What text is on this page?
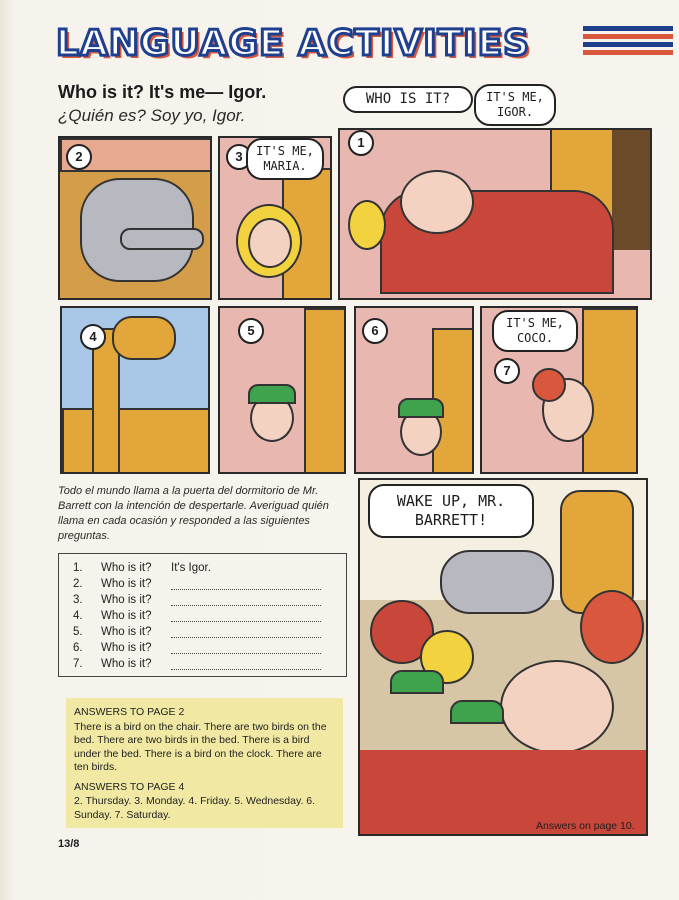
LANGUAGE ACTIVITIES
Who is it? It's me— Igor.
¿Quién es? Soy yo, Igor.
1
WHO IS IT?	IT'S ME, IGOR.
2	3	IT'S ME, MARIA.
4	5	6
7
IT'S ME, COCO.
Todo el mundo llama a la puerta del dormitorio de Mr. Barrett con la intención de despertarle. Averiguad quién llama en cada ocasión y responded a las siguientes preguntas.
1. Who is it? It's Igor.
2. Who is it?
3. Who is it?
4. Who is it?
5. Who is it?
6. Who is it?
7. Who is it?
ANSWERS TO PAGE 2
There is a bird on the chair. There are two birds on the bed. There are two birds in the bed. There is a bird under the bed. There is a bird on the clock. There are ten birds.
ANSWERS TO PAGE 4
2. Thursday. 3. Monday. 4. Friday. 5. Wednesday. 6. Sunday. 7. Saturday.
WAKE UP, MR. BARRETT!
Answers on page 10.
13/8
